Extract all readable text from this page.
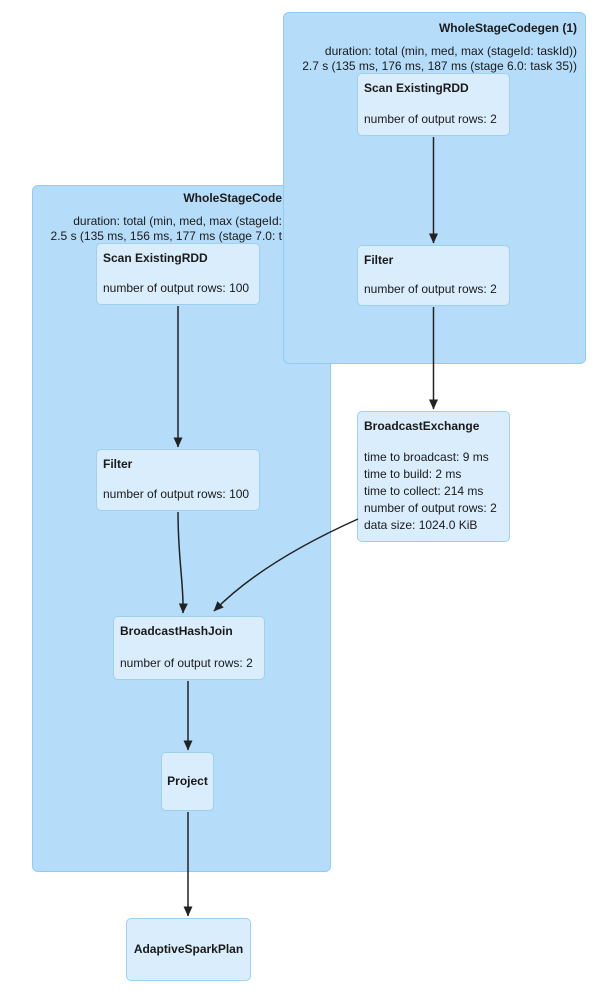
WholeStageCode
duration: total (min, med, max (stageId:
2.5 s (135 ms, 156 ms, 177 ms (stage 7.0: t
WholeStageCodegen (1)
duration: total (min, med, max (stageId: taskId))
2.7 s (135 ms, 176 ms, 187 ms (stage 6.0: task 35))
Scan ExistingRDD
number of output rows: 2
Filter
number of output rows: 2
Scan ExistingRDD
number of output rows: 100
Filter
number of output rows: 100
BroadcastExchange
time to broadcast: 9 ms
time to build: 2 ms
time to collect: 214 ms
number of output rows: 2
data size: 1024.0 KiB
BroadcastHashJoin
number of output rows: 2
Project
AdaptiveSparkPlan
